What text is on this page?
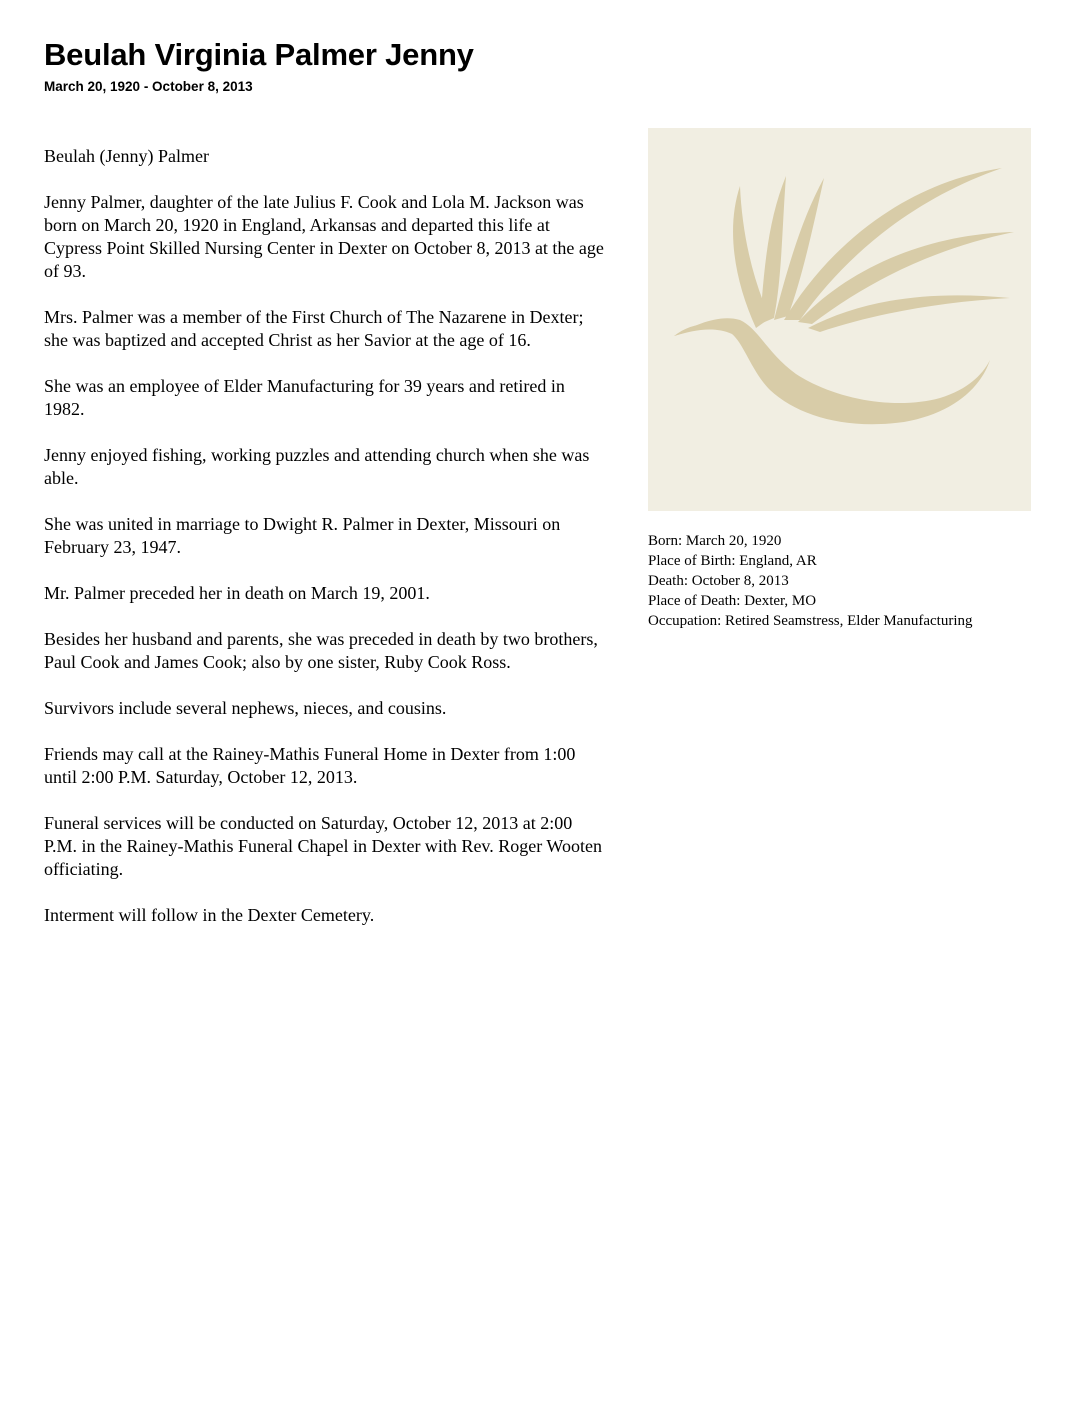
Beulah Virginia Palmer Jenny
March 20, 1920 - October 8, 2013

Beulah (Jenny) Palmer

Jenny Palmer, daughter of the late Julius F. Cook and Lola M. Jackson was born on March 20, 1920 in England, Arkansas and departed this life at Cypress Point Skilled Nursing Center in Dexter on October 8, 2013 at the age of 93.

Mrs. Palmer was a member of the First Church of The Nazarene in Dexter; she was baptized and accepted Christ as her Savior at the age of 16.

She was an employee of Elder Manufacturing for 39 years and retired in 1982.

Jenny enjoyed fishing, working puzzles and attending church when she was able.

She was united in marriage to Dwight R. Palmer in Dexter, Missouri on February 23, 1947.

Mr. Palmer preceded her in death on March 19, 2001.

Besides her husband and parents, she was preceded in death by two brothers, Paul Cook and James Cook; also by one sister, Ruby Cook Ross.

Survivors include several nephews, nieces, and cousins.

Friends may call at the Rainey-Mathis Funeral Home in Dexter from 1:00 until 2:00 P.M. Saturday, October 12, 2013.

Funeral services will be conducted on Saturday, October 12, 2013 at 2:00 P.M. in the Rainey-Mathis Funeral Chapel in Dexter with Rev. Roger Wooten officiating.

Interment will follow in the Dexter Cemetery.

Born: March 20, 1920
Place of Birth: England, AR
Death: October 8, 2013
Place of Death: Dexter, MO
Occupation: Retired Seamstress, Elder Manufacturing
